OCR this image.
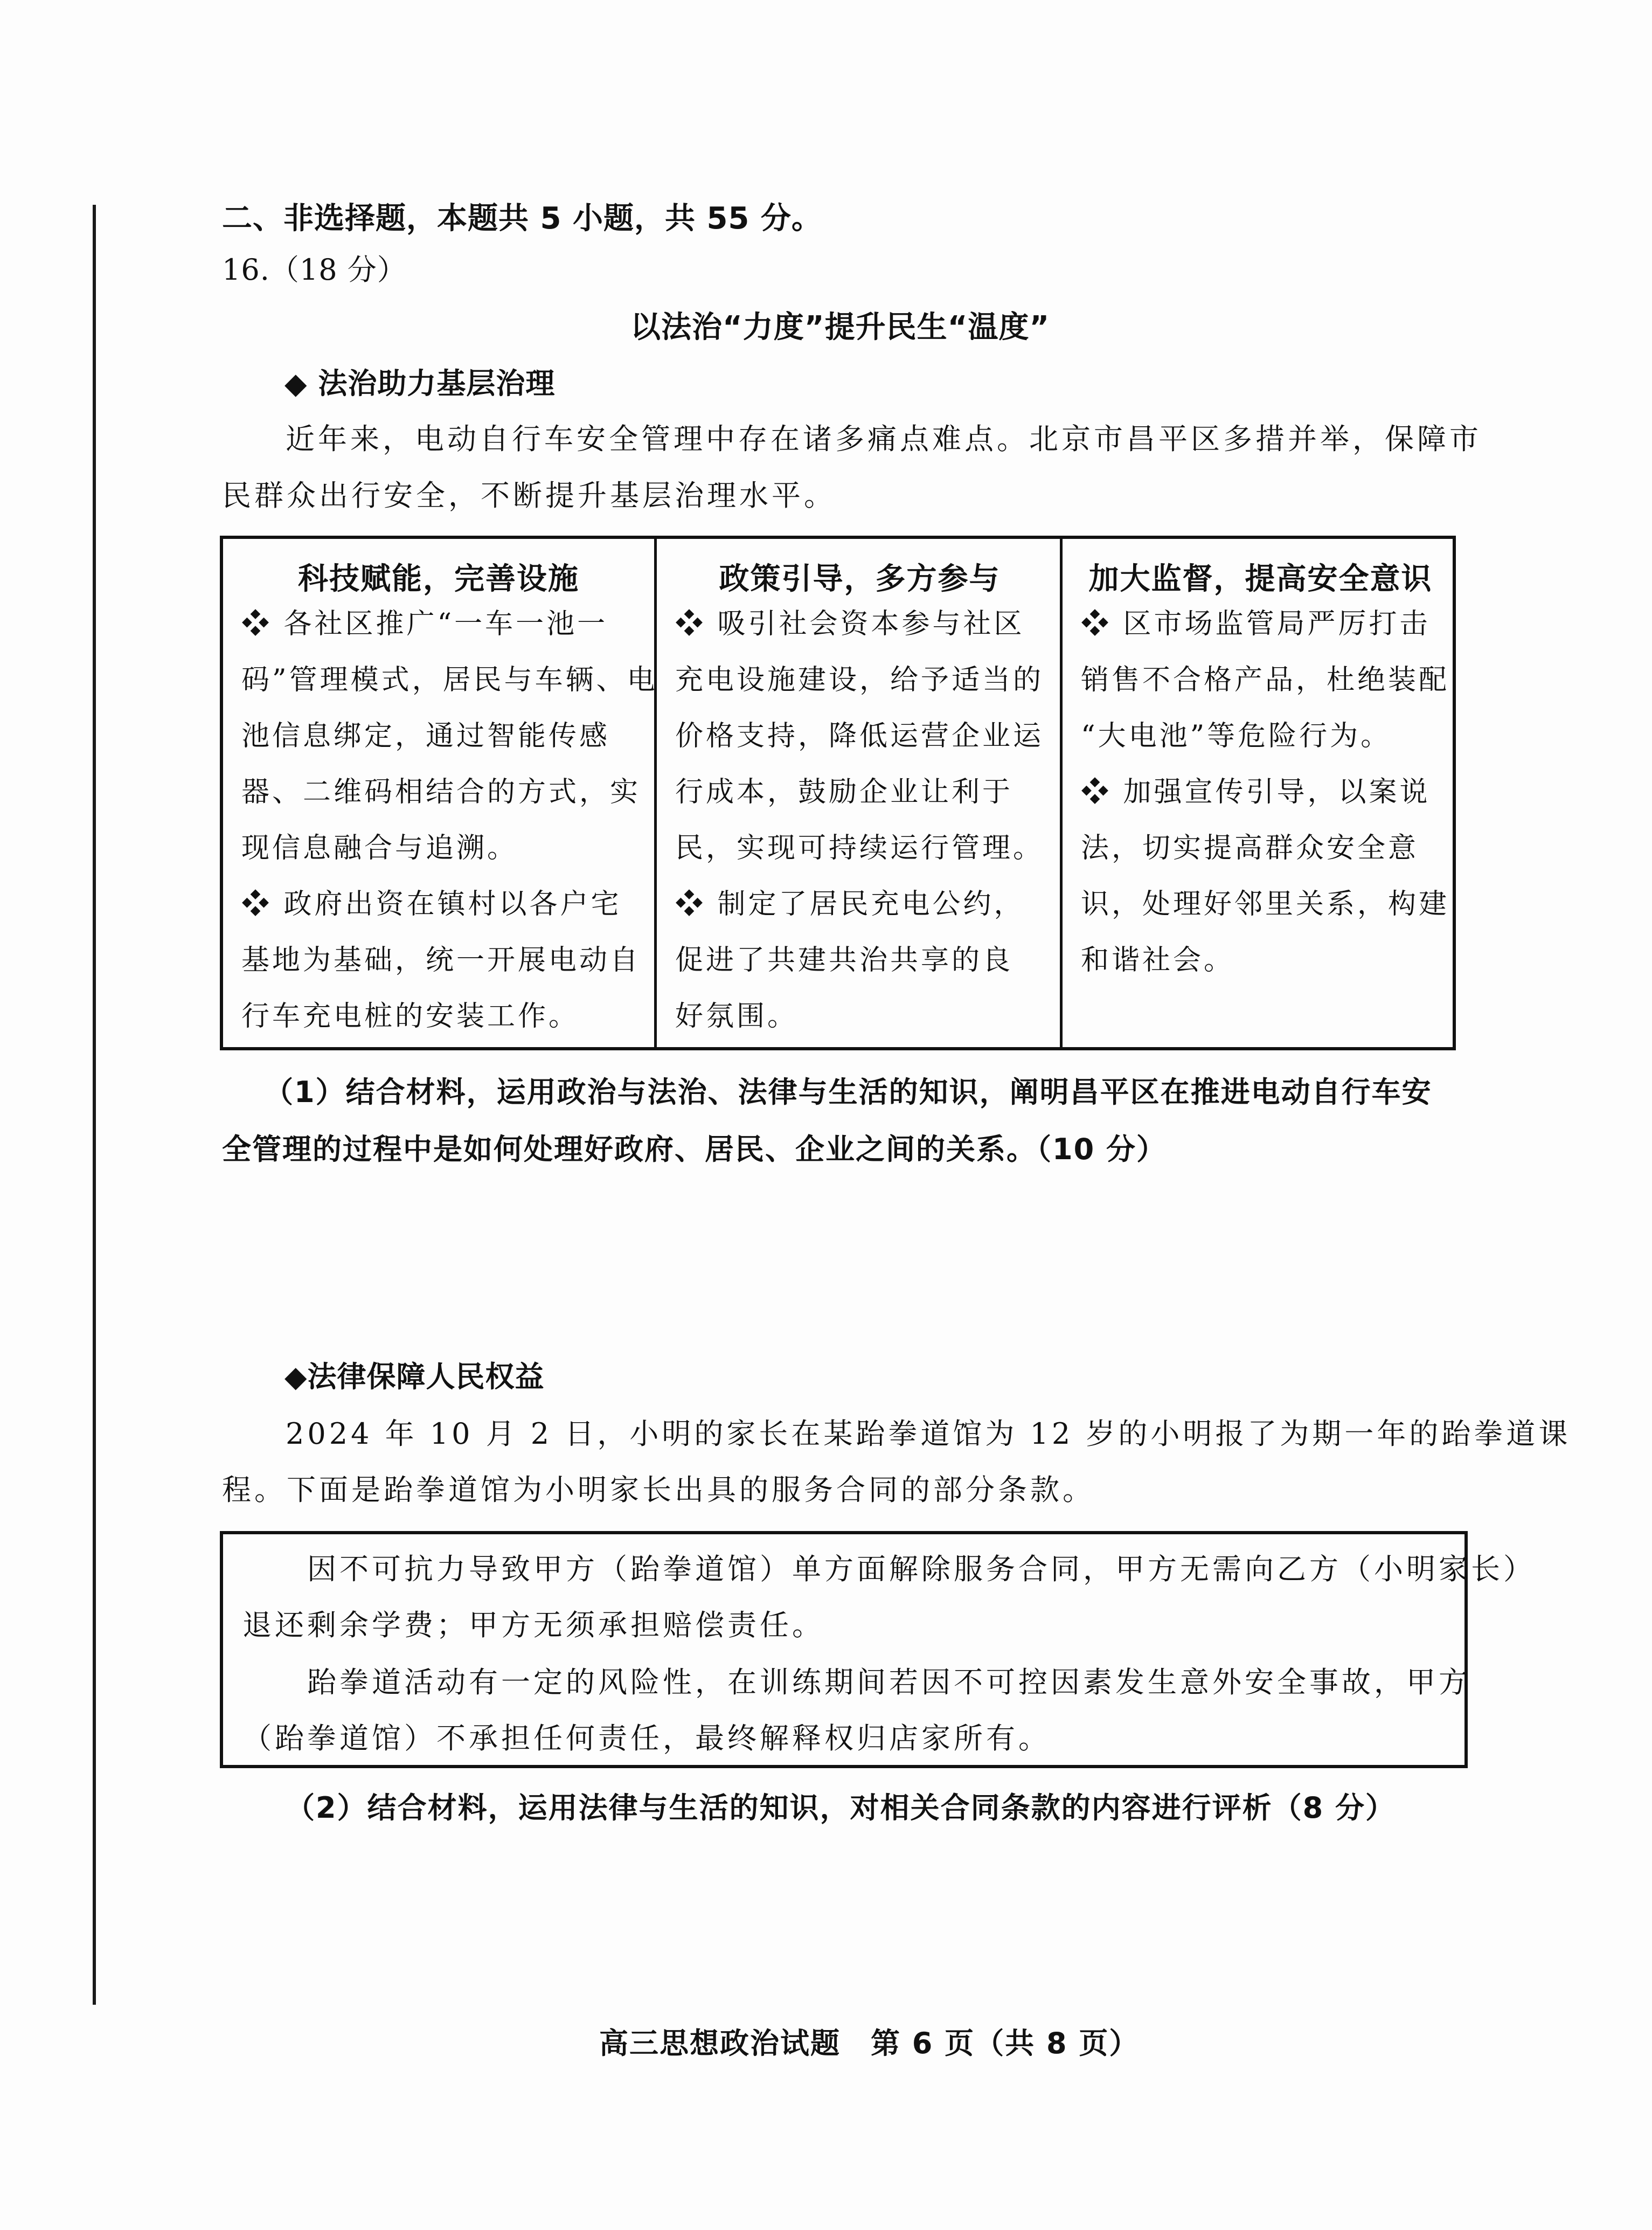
二、非选择题，本题共 5 小题，共 55 分。
16.（18 分）
以法治“力度”提升民生“温度”
◆ 法治助力基层治理
近年来，电动自行车安全管理中存在诸多痛点难点。北京市昌平区多措并举，保障市
民群众出行安全，不断提升基层治理水平。
科技赋能，完善设施
❖ 各社区推广“一车一池一
码”管理模式，居民与车辆、电
池信息绑定，通过智能传感
器、二维码相结合的方式，实
现信息融合与追溯。
❖ 政府出资在镇村以各户宅
基地为基础，统一开展电动自
行车充电桩的安装工作。
政策引导，多方参与
❖ 吸引社会资本参与社区
充电设施建设，给予适当的
价格支持，降低运营企业运
行成本，鼓励企业让利于
民，实现可持续运行管理。
❖ 制定了居民充电公约，
促进了共建共治共享的良
好氛围。
加大监督，提高安全意识
❖ 区市场监管局严厉打击
销售不合格产品，杜绝装配
“大电池”等危险行为。
❖ 加强宣传引导，以案说
法，切实提高群众安全意
识，处理好邻里关系，构建
和谐社会。
（1）结合材料，运用政治与法治、法律与生活的知识，阐明昌平区在推进电动自行车安
全管理的过程中是如何处理好政府、居民、企业之间的关系。（10 分）
◆法律保障人民权益
2024 年 10 月 2 日，小明的家长在某跆拳道馆为 12 岁的小明报了为期一年的跆拳道课
程。下面是跆拳道馆为小明家长出具的服务合同的部分条款。
因不可抗力导致甲方（跆拳道馆）单方面解除服务合同，甲方无需向乙方（小明家长）
退还剩余学费；甲方无须承担赔偿责任。
跆拳道活动有一定的风险性，在训练期间若因不可控因素发生意外安全事故，甲方
（跆拳道馆）不承担任何责任，最终解释权归店家所有。
（2）结合材料，运用法律与生活的知识，对相关合同条款的内容进行评析（8 分）
高三思想政治试题　第 6 页（共 8 页）
